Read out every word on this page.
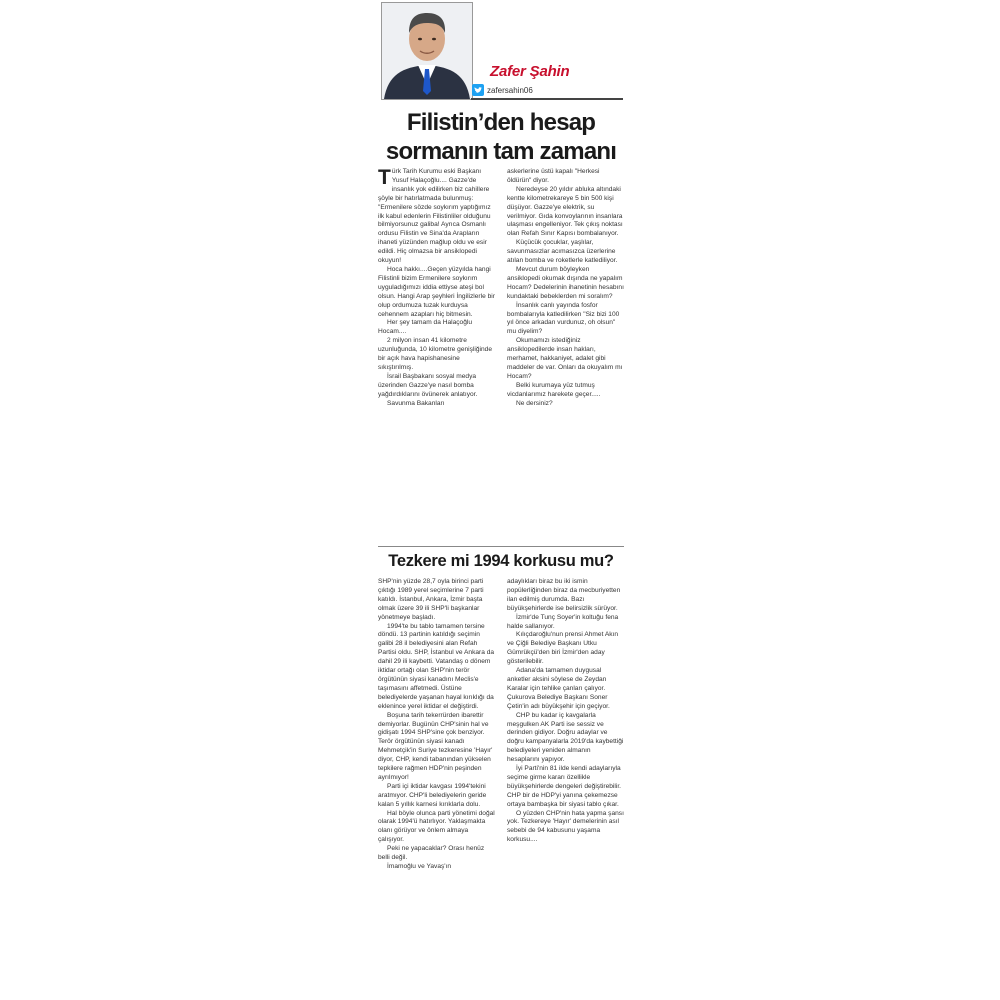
Zafer Şahin
zafersahin06
Filistin’den hesap sormanın tam zamanı

Türk Tarih Kurumu eski Başkanı Yusuf Halaçoğlu.... Gazze'de insanlık yok edilirken biz cahillere şöyle bir hatırlatmada bulunmuş: "Ermenilere sözde soykırım yaptığımız ilk kabul edenlerin Filistinliler olduğunu bilmiyorsunuz galiba! Ayrıca Osmanlı ordusu Filistin ve Sina'da Arapların ihaneti yüzünden mağlup oldu ve esir edildi. Hiç olmazsa bir ansiklopedi okuyun!

Hoca hakkı....Geçen yüzyılda hangi Filistinli bizim Ermenilere soykırım uyguladığımızı iddia ettiyse ateşi bol olsun. Hangi Arap şeyhleri İngilizlerle bir olup ordumuza tuzak kurduysa cehennem azapları hiç bitmesin.

Her şey tamam da Halaçoğlu Hocam....

2 milyon insan 41 kilometre uzunluğunda, 10 kilometre genişliğinde bir açık hava hapishanesine sıkıştırılmış.

İsrail Başbakanı sosyal medya üzerinden Gazze'ye nasıl bomba yağdırdıklarını övünerek anlatıyor.

Savunma Bakanları

askerlerine üstü kapalı "Herkesi öldürün" diyor.

Neredeyse 20 yıldır abluka altındaki kentte kilometrekareye 5 bin 500 kişi düşüyor. Gazze'ye elektrik, su verilmiyor. Gıda konvoylarının insanlara ulaşması engelleniyor. Tek çıkış noktası olan Refah Sınır Kapısı bombalanıyor.

Küçücük çocuklar, yaşlılar, savunmasızlar acımasızca üzerlerine atılan bomba ve roketlerle katlediliyor.

Mevcut durum böyleyken ansiklopedi okumak dışında ne yapalım Hocam? Dedelerinin ihanetinin hesabını kundaktaki bebeklerden mi soralım?

İnsanlık canlı yayında fosfor bombalarıyla katledilirken "Siz bizi 100 yıl önce arkadan vurdunuz, oh olsun" mu diyelim?

Okumamızı istediğiniz ansiklopedilerde insan hakları, merhamet, hakkaniyet, adalet gibi maddeler de var. Onları da okuyalım mı Hocam?

Belki kurumaya yüz tutmuş vicdanlarımız harekete geçer.....

Ne dersiniz?

Tezkere mi 1994 korkusu mu?

SHP'nin yüzde 28,7 oyla birinci parti çıktığı 1989 yerel seçimlerine 7 parti katıldı. İstanbul, Ankara, İzmir başta olmak üzere 39 ili SHP'li başkanlar yönetmeye başladı.

1994'te bu tablo tamamen tersine döndü. 13 partinin katıldığı seçimin galibi 28 il belediyesini alan Refah Partisi oldu. SHP, İstanbul ve Ankara da dahil 29 ili kaybetti. Vatandaş o dönem iktidar ortağı olan SHP'nin terör örgütünün siyasi kanadını Meclis'e taşımasını affetmedi. Üstüne belediyelerde yaşanan hayal kırıklığı da eklenince yerel iktidar el değiştirdi.

Boşuna tarih tekerrürden ibarettir demiyorlar. Bugünün CHP'sinin hal ve gidişatı 1994 SHP'sine çok benziyor. Terör örgütünün siyasi kanadı Mehmetçik'in Suriye tezkeresine 'Hayır' diyor, CHP, kendi tabanından yükselen tepkilere rağmen HDP'nin peşinden ayrılmıyor!

Parti içi iktidar kavgası 1994'tekini aratmıyor. CHP'li belediyelerin geride kalan 5 yıllık karnesi kırıklarla dolu.

Hal böyle olunca parti yönetimi doğal olarak 1994'ü hatırlıyor. Yaklaşmakta olanı görüyor ve önlem almaya çalışıyor.

Peki ne yapacaklar? Orası henüz belli değil.

İmamoğlu ve Yavaş'ın

adaylıkları biraz bu iki ismin popülerliğinden biraz da mecburiyetten ilan edilmiş durumda. Bazı büyükşehirlerde ise belirsizlik sürüyor.

İzmir'de Tunç Soyer'in koltuğu fena halde sallanıyor.

Kılıçdaroğlu'nun prensi Ahmet Akın ve Çiğli Belediye Başkanı Utku Gümrükçü'den biri İzmir'den aday gösterilebilir.

Adana'da tamamen duygusal anketler aksini söylese de Zeydan Karalar için tehlike çanları çalıyor. Çukurova Belediye Başkanı Soner Çetin'in adı büyükşehir için geçiyor.

CHP bu kadar iç kavgalarla meşgulken AK Parti ise sessiz ve derinden gidiyor. Doğru adaylar ve doğru kampanyalarla 2019'da kaybettiği belediyeleri yeniden almanın hesaplarını yapıyor.

İyi Parti'nin 81 ilde kendi adaylarıyla seçime girme kararı özellikle büyükşehirlerde dengeleri değiştirebilir. CHP bir de HDP'yi yanına çekemezse ortaya bambaşka bir siyasi tablo çıkar.

O yüzden CHP'nin hata yapma şansı yok. Tezkereye 'Hayır' demelerinin asıl sebebi de 94 kabusunu yaşama korkusu....
